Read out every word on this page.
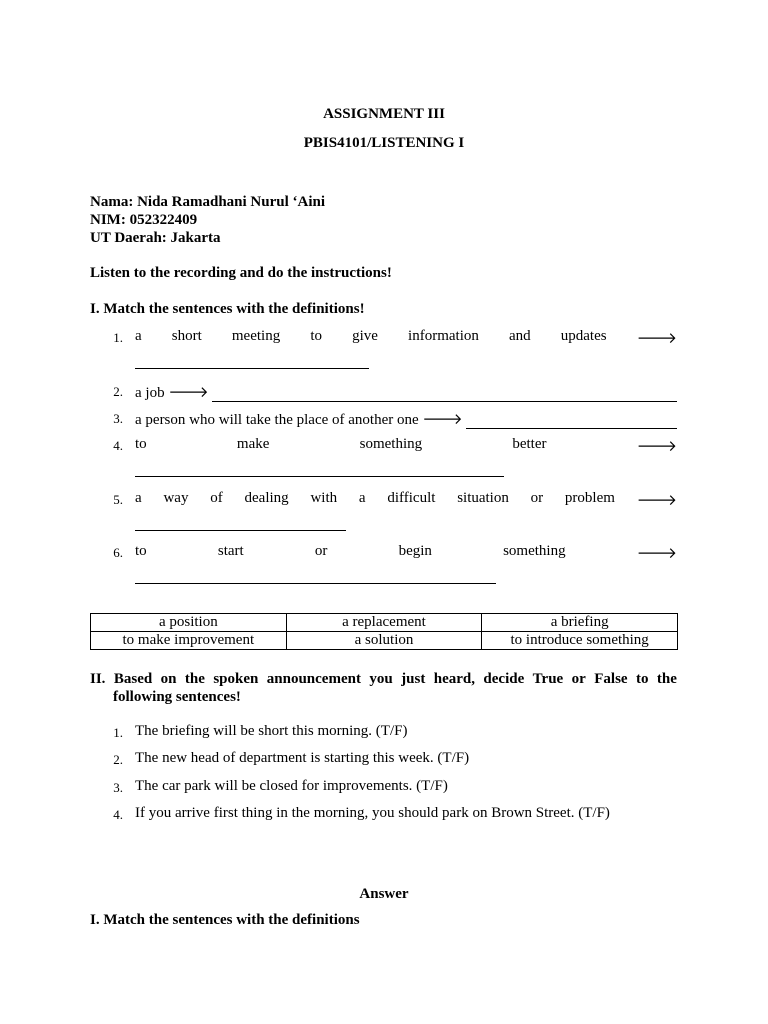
ASSIGNMENT III
PBIS4101/LISTENING I
Nama: Nida Ramadhani Nurul ‘Aini
NIM: 052322409
UT Daerah: Jakarta
Listen to the recording and do the instructions!
I. Match the sentences with the definitions!
1. a short meeting to give information and updates 🡒
2. a job
🡒
3. a person who will take the place of another one
🡒
4. to	make	something	better	🡒
5. a way of dealing with a difficult situation or problem 🡒
6. to	start	or	begin	something	🡒
a position	a replacement	a briefing
to make improvement	a solution	to introduce something
II. Based on the spoken announcement you just heard, decide True or False to the
following sentences!
1. The briefing will be short this morning. (T/F)
2. The new head of department is starting this week. (T/F)
3. The car park will be closed for improvements. (T/F)
4. If you arrive first thing in the morning, you should park on Brown Street. (T/F)
Answer
I. Match the sentences with the definitions
